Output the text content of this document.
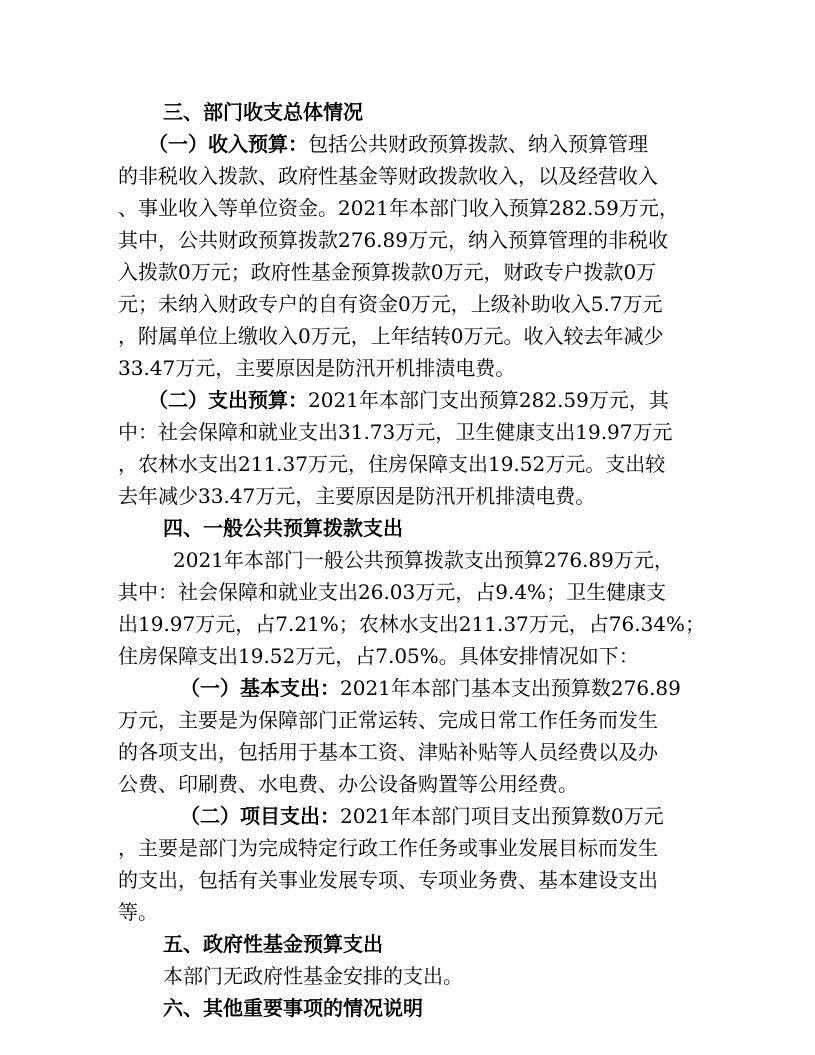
三、部门收支总体情况

（一）收入预算：包括公共财政预算拨款、纳入预算管理

的非税收入拨款、政府性基金等财政拨款收入，以及经营收入

、事业收入等单位资金。2021年本部门收入预算282.59万元，

其中，公共财政预算拨款276.89万元，纳入预算管理的非税收

入拨款0万元；政府性基金预算拨款0万元，财政专户拨款0万

元；未纳入财政专户的自有资金0万元，上级补助收入5.7万元

，附属单位上缴收入0万元，上年结转0万元。收入较去年减少

33.47万元，主要原因是防汛开机排渍电费。

（二）支出预算：2021年本部门支出预算282.59万元，其

中：社会保障和就业支出31.73万元，卫生健康支出19.97万元

，农林水支出211.37万元，住房保障支出19.52万元。支出较

去年减少33.47万元，主要原因是防汛开机排渍电费。

四、一般公共预算拨款支出

2021年本部门一般公共预算拨款支出预算276.89万元，

其中：社会保障和就业支出26.03万元，占9.4%；卫生健康支

出19.97万元，占7.21%；农林水支出211.37万元，占76.34%；

住房保障支出19.52万元，占7.05%。具体安排情况如下：

（一）基本支出：2021年本部门基本支出预算数276.89

万元，主要是为保障部门正常运转、完成日常工作任务而发生

的各项支出，包括用于基本工资、津贴补贴等人员经费以及办

公费、印刷费、水电费、办公设备购置等公用经费。

（二）项目支出：2021年本部门项目支出预算数0万元

，主要是部门为完成特定行政工作任务或事业发展目标而发生

的支出，包括有关事业发展专项、专项业务费、基本建设支出

等。

五、政府性基金预算支出

本部门无政府性基金安排的支出。

六、其他重要事项的情况说明
